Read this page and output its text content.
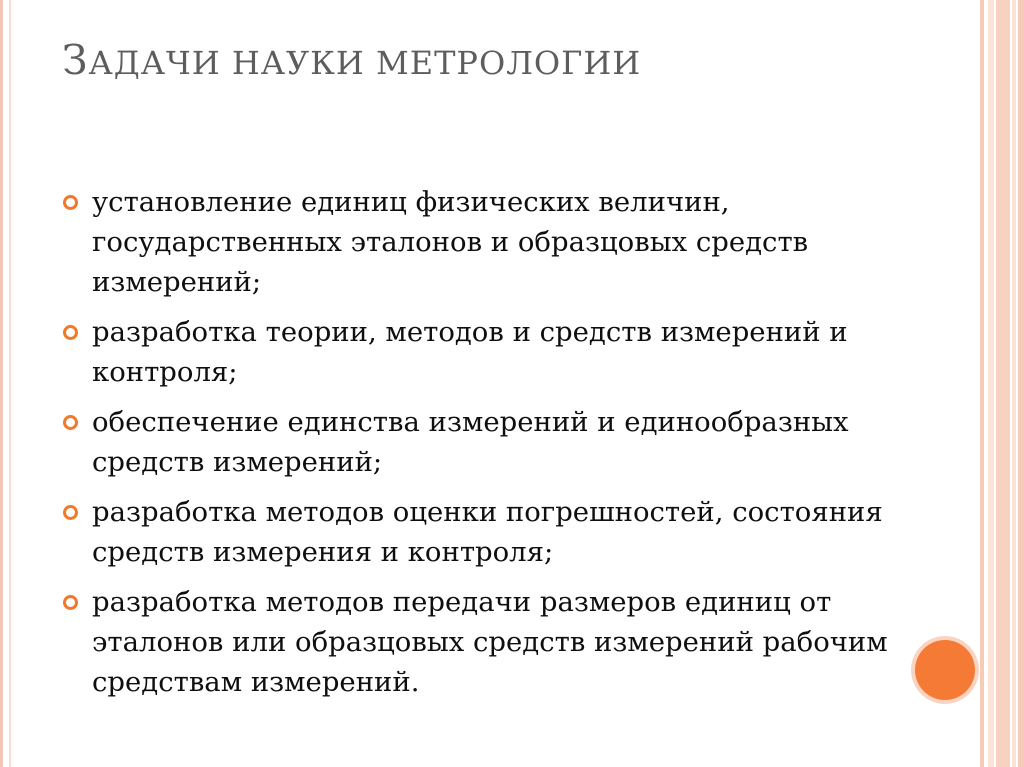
ЗАДАЧИ НАУКИ МЕТРОЛОГИИ
установление единиц физических величин, государственных эталонов и образцовых средств измерений;
разработка теории, методов и средств измерений и контроля;
обеспечение единства измерений и единообразных средств измерений;
разработка методов оценки погрешностей, состояния средств измерения и контроля;
разработка методов передачи размеров единиц от эталонов или образцовых средств измерений рабочим средствам измерений.
